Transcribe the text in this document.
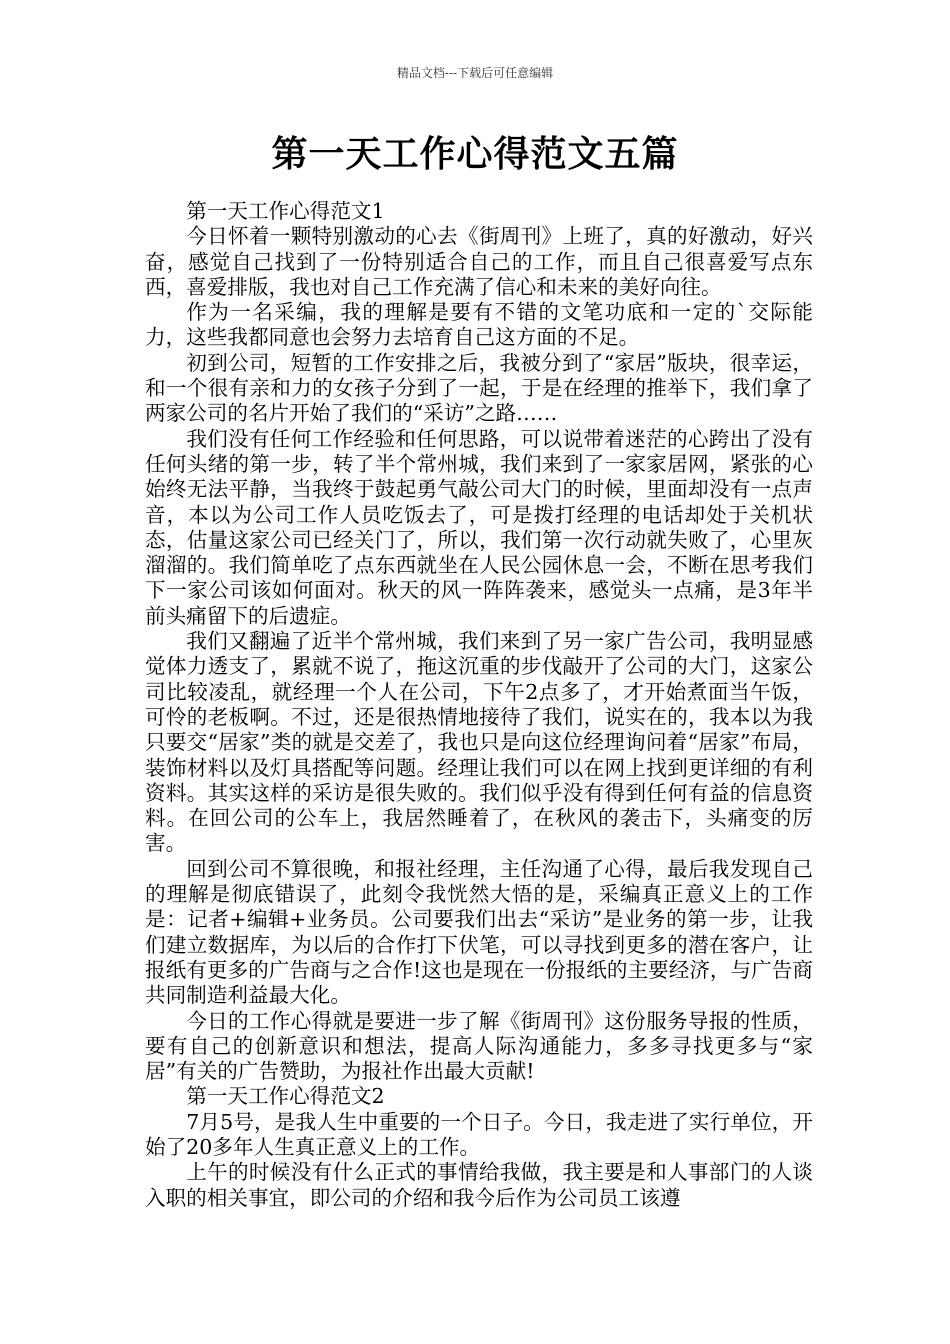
精品文档---下载后可任意编辑
第一天工作心得范文五篇

第一天工作心得范文1

今日怀着一颗特别激动的心去《街周刊》上班了，真的好激动，好兴奋，感觉自己找到了一份特别适合自己的工作，而且自己很喜爱写点东西，喜爱排版，我也对自己工作充满了信心和未来的美好向往。

作为一名采编，我的理解是要有不错的文笔功底和一定的`交际能力，这些我都同意也会努力去培育自己这方面的不足。

初到公司，短暂的工作安排之后，我被分到了“家居”版块，很幸运，和一个很有亲和力的女孩子分到了一起，于是在经理的推举下，我们拿了两家公司的名片开始了我们的“采访”之路……

我们没有任何工作经验和任何思路，可以说带着迷茫的心跨出了没有任何头绪的第一步，转了半个常州城，我们来到了一家家居网，紧张的心始终无法平静，当我终于鼓起勇气敲公司大门的时候，里面却没有一点声音，本以为公司工作人员吃饭去了，可是拨打经理的电话却处于关机状态，估量这家公司已经关门了，所以，我们第一次行动就失败了，心里灰溜溜的。我们简单吃了点东西就坐在人民公园休息一会，不断在思考我们下一家公司该如何面对。秋天的风一阵阵袭来，感觉头一点痛，是3年半前头痛留下的后遗症。

我们又翻遍了近半个常州城，我们来到了另一家广告公司，我明显感觉体力透支了，累就不说了，拖这沉重的步伐敲开了公司的大门，这家公司比较凌乱，就经理一个人在公司，下午2点多了，才开始煮面当午饭，可怜的老板啊。不过，还是很热情地接待了我们，说实在的，我本以为我只要交“居家”类的就是交差了，我也只是向这位经理询问着“居家”布局，装饰材料以及灯具搭配等问题。经理让我们可以在网上找到更详细的有利资料。其实这样的采访是很失败的。我们似乎没有得到任何有益的信息资料。在回公司的公车上，我居然睡着了，在秋风的袭击下，头痛变的厉害。

回到公司不算很晚，和报社经理，主任沟通了心得，最后我发现自己的理解是彻底错误了，此刻令我恍然大悟的是，采编真正意义上的工作是：记者+编辑+业务员。公司要我们出去“采访”是业务的第一步，让我们建立数据库，为以后的合作打下伏笔，可以寻找到更多的潜在客户，让报纸有更多的广告商与之合作!这也是现在一份报纸的主要经济，与广告商共同制造利益最大化。

今日的工作心得就是要进一步了解《街周刊》这份服务导报的性质，要有自己的创新意识和想法，提高人际沟通能力，多多寻找更多与“家居”有关的广告赞助，为报社作出最大贡献!

第一天工作心得范文2

7月5号，是我人生中重要的一个日子。今日，我走进了实行单位，开始了20多年人生真正意义上的工作。

上午的时候没有什么正式的事情给我做，我主要是和人事部门的人谈入职的相关事宜，即公司的介绍和我今后作为公司员工该遵
